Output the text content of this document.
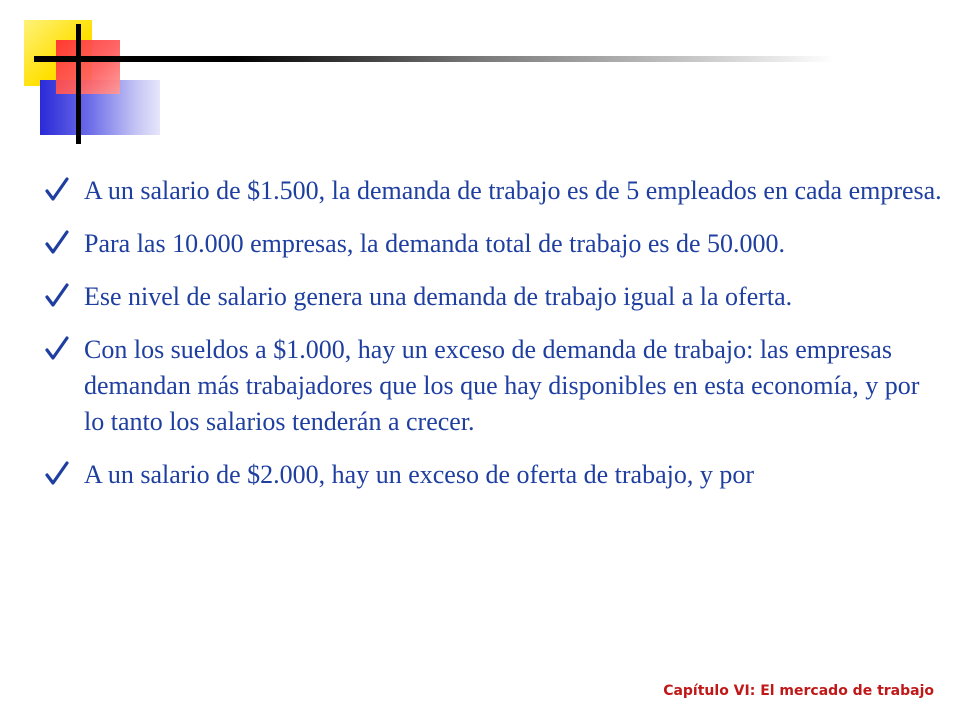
A un salario de $1.500, la demanda de trabajo es de 5 empleados en cada empresa.
Para las 10.000 empresas, la demanda total de trabajo es de 50.000.
Ese nivel de salario genera una demanda de trabajo igual a la oferta.
Con los sueldos a $1.000, hay un exceso de demanda de trabajo: las empresas demandan más trabajadores que los que hay disponibles en esta economía, y por lo tanto los salarios tenderán a crecer.
A un salario de $2.000, hay un exceso de oferta de trabajo, y por
Capítulo VI: El mercado de trabajo
